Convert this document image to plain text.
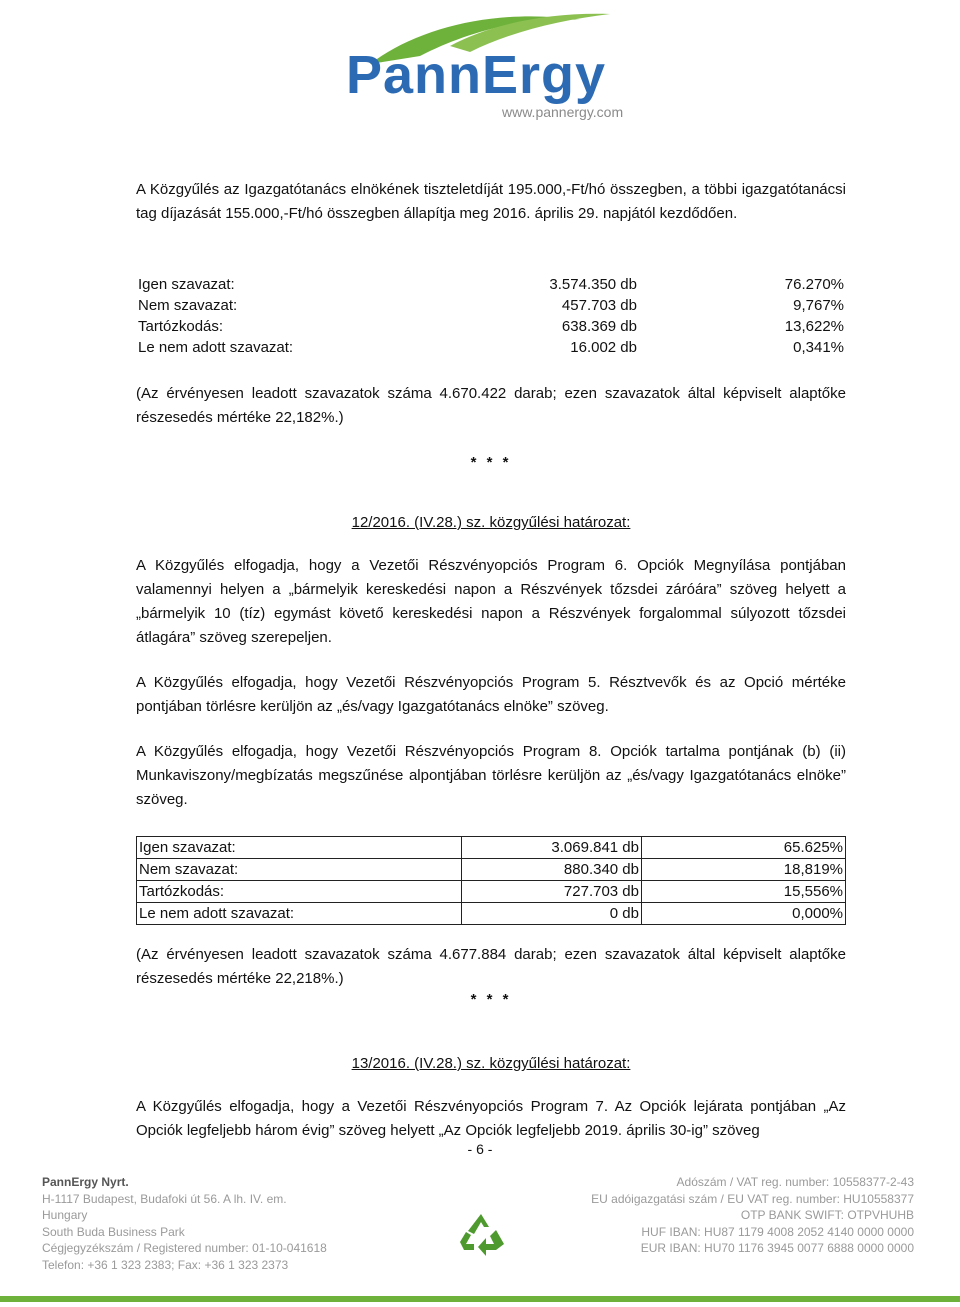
PannErgy
www.pannergy.com
A Közgyűlés az Igazgatótanács elnökének tiszteletdíját 195.000,-Ft/hó összegben, a többi igazgatótanácsi tag díjazását 155.000,-Ft/hó összegben állapítja meg 2016. április 29. napjától kezdődően.
Igen szavazat:	3.574.350 db	76.270%
Nem szavazat:	457.703 db	9,767%
Tartózkodás:	638.369 db	13,622%
Le nem adott szavazat:	16.002 db	0,341%
(Az érvényesen leadott szavazatok száma 4.670.422 darab; ezen szavazatok által képviselt alaptőke részesedés mértéke 22,182%.)
* * *
12/2016. (IV.28.) sz. közgyűlési határozat:
A Közgyűlés elfogadja, hogy a Vezetői Részvényopciós Program 6. Opciók Megnyílása pontjában valamennyi helyen a „bármelyik kereskedési napon a Részvények tőzsdei záróára” szöveg helyett a „bármelyik 10 (tíz) egymást követő kereskedési napon a Részvények forgalommal súlyozott tőzsdei átlagára” szöveg szerepeljen.
A Közgyűlés elfogadja, hogy Vezetői Részvényopciós Program 5. Résztvevők és az Opció mértéke pontjában törlésre kerüljön az „és/vagy Igazgatótanács elnöke” szöveg.
A Közgyűlés elfogadja, hogy Vezetői Részvényopciós Program 8. Opciók tartalma pontjának (b) (ii) Munkaviszony/megbízatás megszűnése alpontjában törlésre kerüljön az „és/vagy Igazgatótanács elnöke” szöveg.
Igen szavazat:	3.069.841 db	65.625%
Nem szavazat:	880.340 db	18,819%
Tartózkodás:	727.703 db	15,556%
Le nem adott szavazat:	0 db	0,000%
(Az érvényesen leadott szavazatok száma 4.677.884 darab; ezen szavazatok által képviselt alaptőke részesedés mértéke 22,218%.)
* * *
13/2016. (IV.28.) sz. közgyűlési határozat:
A Közgyűlés elfogadja, hogy a Vezetői Részvényopciós Program 7. Az Opciók lejárata pontjában „Az Opciók legfeljebb három évig” szöveg helyett „Az Opciók legfeljebb 2019. április 30-ig” szöveg
- 6 -
PannErgy Nyrt.
H-1117 Budapest, Budafoki út 56. A lh. IV. em.
Hungary
South Buda Business Park
Cégjegyzékszám / Registered number: 01-10-041618
Telefon: +36 1 323 2383; Fax: +36 1 323 2373
Adószám / VAT reg. number: 10558377-2-43
EU adóigazgatási szám / EU VAT reg. number: HU10558377
OTP BANK SWIFT: OTPVHUHB
HUF IBAN: HU87 1179 4008 2052 4140 0000 0000
EUR IBAN: HU70 1176 3945 0077 6888 0000 0000
